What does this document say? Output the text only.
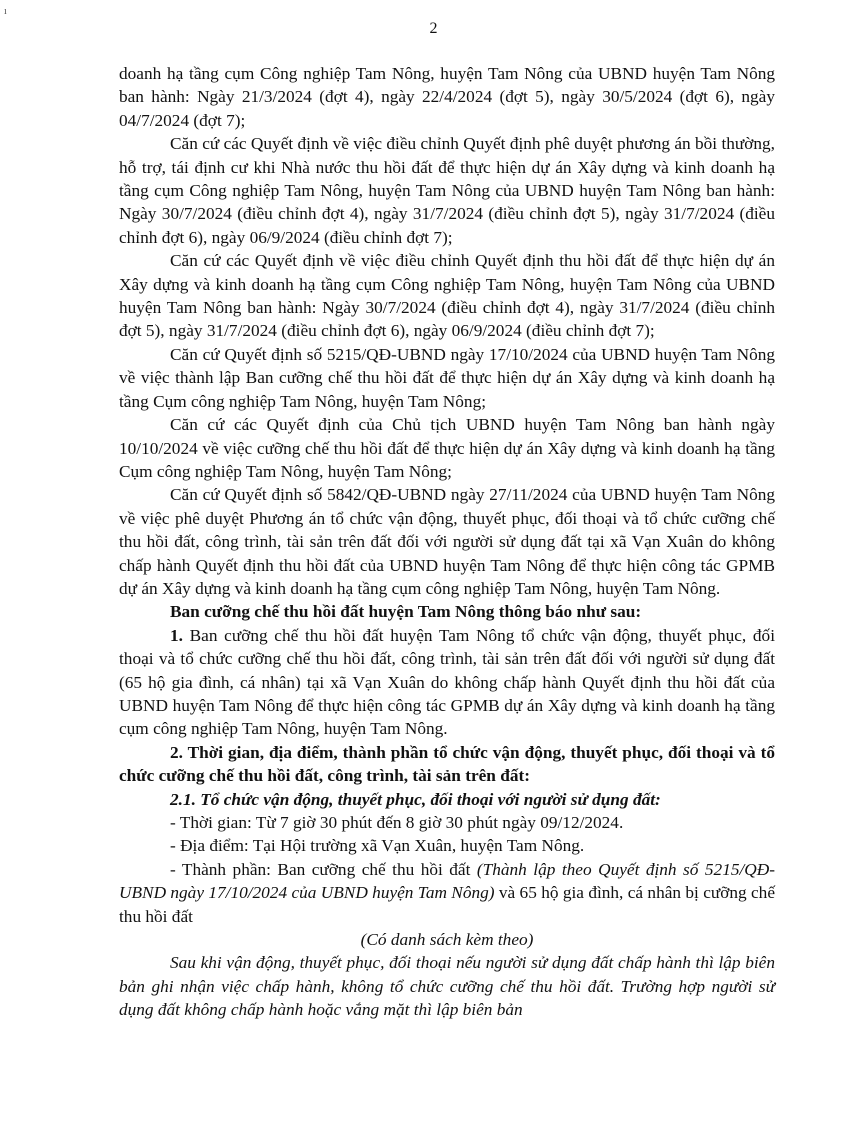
ı
2

doanh hạ tầng cụm Công nghiệp Tam Nông, huyện Tam Nông của UBND huyện Tam Nông ban hành: Ngày 21/3/2024 (đợt 4), ngày 22/4/2024 (đợt 5), ngày 30/5/2024 (đợt 6), ngày 04/7/2024 (đợt 7);

Căn cứ các Quyết định về việc điều chỉnh Quyết định phê duyệt phương án bồi thường, hỗ trợ, tái định cư khi Nhà nước thu hồi đất để thực hiện dự án Xây dựng và kinh doanh hạ tầng cụm Công nghiệp Tam Nông, huyện Tam Nông của UBND huyện Tam Nông ban hành: Ngày 30/7/2024 (điều chỉnh đợt 4), ngày 31/7/2024 (điều chỉnh đợt 5), ngày 31/7/2024 (điều chỉnh đợt 6), ngày 06/9/2024 (điều chỉnh đợt 7);

Căn cứ các Quyết định về việc điều chỉnh Quyết định thu hồi đất để thực hiện dự án Xây dựng và kinh doanh hạ tầng cụm Công nghiệp Tam Nông, huyện Tam Nông của UBND huyện Tam Nông ban hành: Ngày 30/7/2024 (điều chỉnh đợt 4), ngày 31/7/2024 (điều chỉnh đợt 5), ngày 31/7/2024 (điều chỉnh đợt 6), ngày 06/9/2024 (điều chỉnh đợt 7);

Căn cứ Quyết định số 5215/QĐ-UBND ngày 17/10/2024 của UBND huyện Tam Nông về việc thành lập Ban cưỡng chế thu hồi đất để thực hiện dự án Xây dựng và kinh doanh hạ tầng Cụm công nghiệp Tam Nông, huyện Tam Nông;

Căn cứ các Quyết định của Chủ tịch UBND huyện Tam Nông ban hành ngày 10/10/2024 về việc cưỡng chế thu hồi đất để thực hiện dự án Xây dựng và kinh doanh hạ tầng Cụm công nghiệp Tam Nông, huyện Tam Nông;

Căn cứ Quyết định số 5842/QĐ-UBND ngày 27/11/2024 của UBND huyện Tam Nông về việc phê duyệt Phương án tổ chức vận động, thuyết phục, đối thoại và tổ chức cưỡng chế thu hồi đất, công trình, tài sản trên đất đối với người sử dụng đất tại xã Vạn Xuân do không chấp hành Quyết định thu hồi đất của UBND huyện Tam Nông để thực hiện công tác GPMB dự án Xây dựng và kinh doanh hạ tầng cụm công nghiệp Tam Nông, huyện Tam Nông.

Ban cưỡng chế thu hồi đất huyện Tam Nông thông báo như sau:

1. Ban cưỡng chế thu hồi đất huyện Tam Nông tổ chức vận động, thuyết phục, đối thoại và tổ chức cưỡng chế thu hồi đất, công trình, tài sản trên đất đối với người sử dụng đất (65 hộ gia đình, cá nhân) tại xã Vạn Xuân do không chấp hành Quyết định thu hồi đất của UBND huyện Tam Nông để thực hiện công tác GPMB dự án Xây dựng và kinh doanh hạ tầng cụm công nghiệp Tam Nông, huyện Tam Nông.

2. Thời gian, địa điểm, thành phần tổ chức vận động, thuyết phục, đối thoại và tổ chức cưỡng chế thu hồi đất, công trình, tài sản trên đất:

2.1. Tổ chức vận động, thuyết phục, đối thoại với người sử dụng đất:

- Thời gian: Từ 7 giờ 30 phút đến 8 giờ 30 phút ngày 09/12/2024.

- Địa điểm: Tại Hội trường xã Vạn Xuân, huyện Tam Nông.

- Thành phần: Ban cưỡng chế thu hồi đất (Thành lập theo Quyết định số 5215/QĐ-UBND ngày 17/10/2024 của UBND huyện Tam Nông) và 65 hộ gia đình, cá nhân bị cưỡng chế thu hồi đất

(Có danh sách kèm theo)

Sau khi vận động, thuyết phục, đối thoại nếu người sử dụng đất chấp hành thì lập biên bản ghi nhận việc chấp hành, không tổ chức cưỡng chế thu hồi đất. Trường hợp người sử dụng đất không chấp hành hoặc vắng mặt thì lập biên bản
